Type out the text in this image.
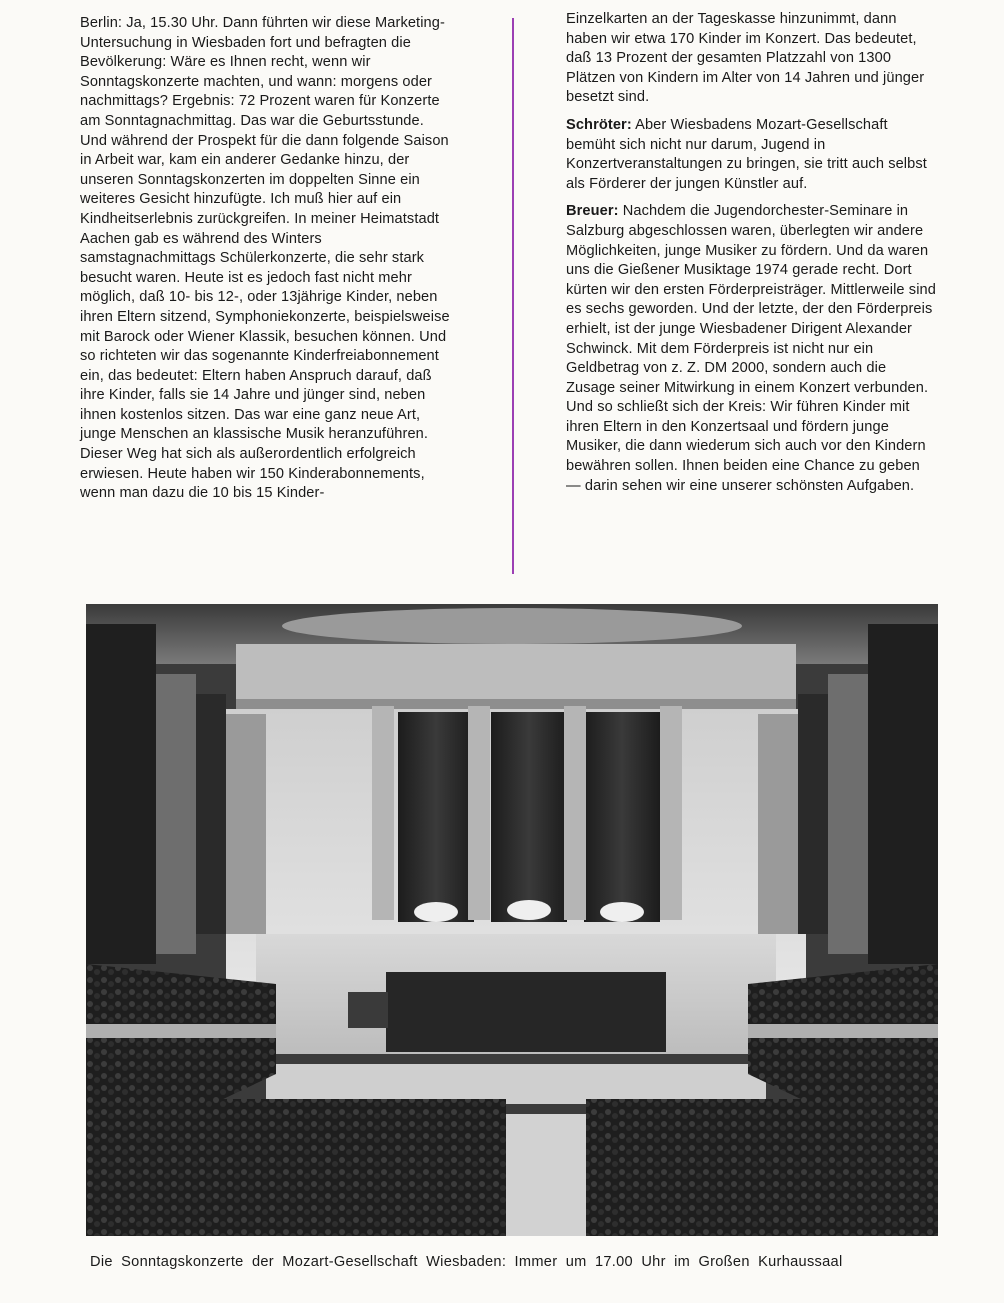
Berlin: Ja, 15.30 Uhr. Dann führten wir diese Marketing-Untersuchung in Wiesbaden fort und befragten die Bevölkerung: Wäre es Ihnen recht, wenn wir Sonntagskonzerte machten, und wann: morgens oder nachmittags? Ergebnis: 72 Prozent waren für Konzerte am Sonntagnachmittag. Das war die Geburtsstunde. Und während der Prospekt für die dann folgende Saison in Arbeit war, kam ein anderer Gedanke hinzu, der unseren Sonntagskonzerten im doppelten Sinne ein weiteres Gesicht hinzufügte. Ich muß hier auf ein Kindheitserlebnis zurückgreifen. In meiner Heimatstadt Aachen gab es während des Winters samstagnachmittags Schülerkonzerte, die sehr stark besucht waren. Heute ist es jedoch fast nicht mehr möglich, daß 10- bis 12-, oder 13jährige Kinder, neben ihren Eltern sitzend, Symphoniekonzerte, beispielsweise mit Barock oder Wiener Klassik, besuchen können. Und so richteten wir das sogenannte Kinderfreiabonnement ein, das bedeutet: Eltern haben Anspruch darauf, daß ihre Kinder, falls sie 14 Jahre und jünger sind, neben ihnen kostenlos sitzen. Das war eine ganz neue Art, junge Menschen an klassische Musik heranzuführen. Dieser Weg hat sich als außerordentlich erfolgreich erwiesen. Heute haben wir 150 Kinderabonnements, wenn man dazu die 10 bis 15 Kinder-

Einzelkarten an der Tageskasse hinzunimmt, dann haben wir etwa 170 Kinder im Konzert. Das bedeutet, daß 13 Prozent der gesamten Platzzahl von 1300 Plätzen von Kindern im Alter von 14 Jahren und jünger besetzt sind.

Schröter: Aber Wiesbadens Mozart-Gesellschaft bemüht sich nicht nur darum, Jugend in Konzertveranstaltungen zu bringen, sie tritt auch selbst als Förderer der jungen Künstler auf.

Breuer: Nachdem die Jugendorchester-Seminare in Salzburg abgeschlossen waren, überlegten wir andere Möglichkeiten, junge Musiker zu fördern. Und da waren uns die Gießener Musiktage 1974 gerade recht. Dort kürten wir den ersten Förderpreisträger. Mittlerweile sind es sechs geworden. Und der letzte, der den Förderpreis erhielt, ist der junge Wiesbadener Dirigent Alexander Schwinck. Mit dem Förderpreis ist nicht nur ein Geldbetrag von z. Z. DM 2000, sondern auch die Zusage seiner Mitwirkung in einem Konzert verbunden. Und so schließt sich der Kreis: Wir führen Kinder mit ihren Eltern in den Konzertsaal und fördern junge Musiker, die dann wiederum sich auch vor den Kindern bewähren sollen. Ihnen beiden eine Chance zu geben — darin sehen wir eine unserer schönsten Aufgaben.

Die Sonntagskonzerte der Mozart-Gesellschaft Wiesbaden: Immer um 17.00 Uhr im Großen Kurhaussaal
